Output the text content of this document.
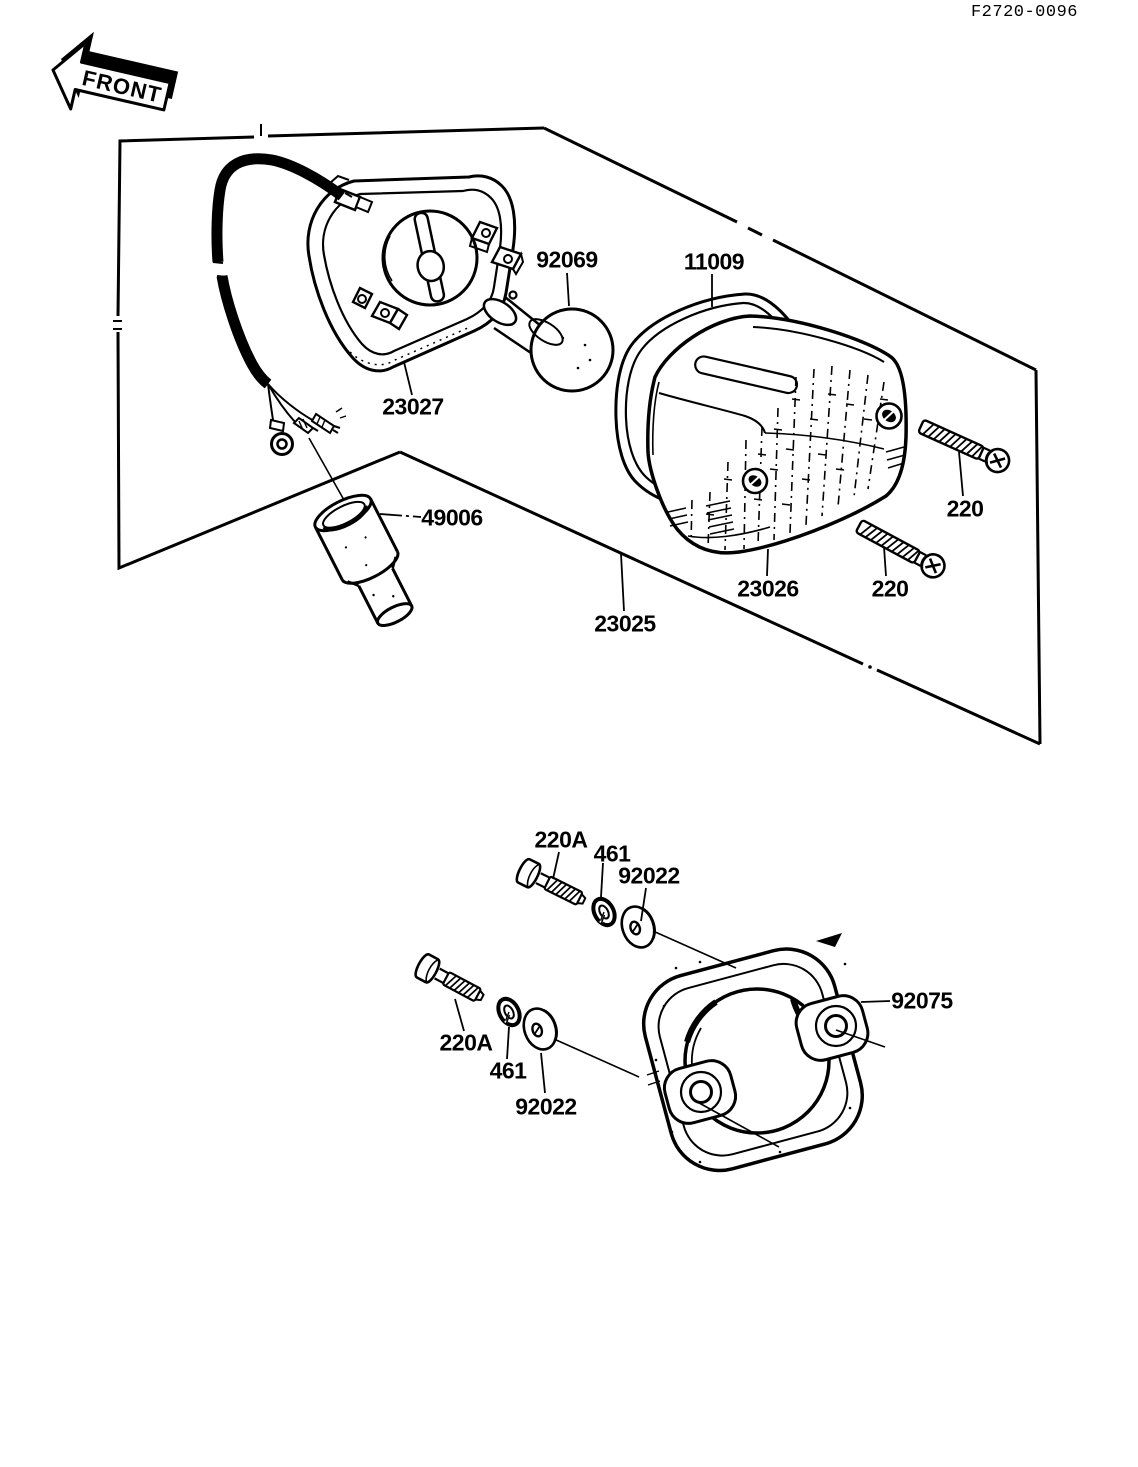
FRONT
F2720-0096
92069	11009
23027
49006
23025
23026
220
220
220A
461
92022
92075
220A
461
92022
